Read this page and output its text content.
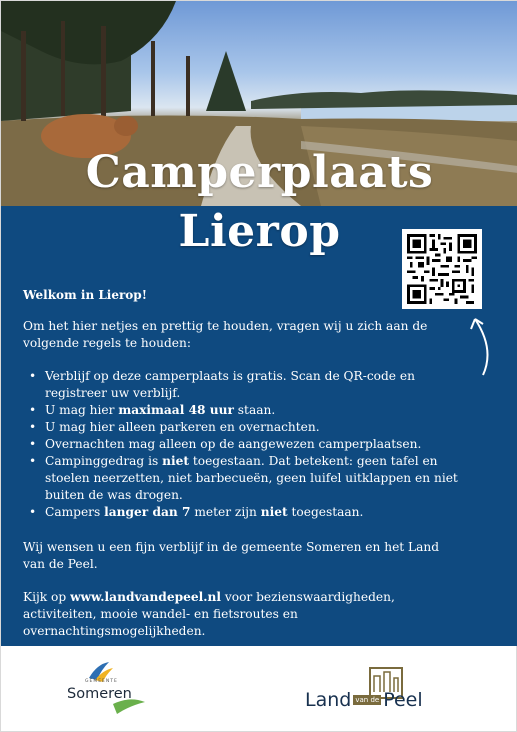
Camperplaats
Lierop
Welkom in Lierop!
Om het hier netjes en prettig te houden, vragen wij u zich aan de volgende regels te houden:
• Verblijf op deze camperplaats is gratis. Scan de QR-code en registreer uw verblijf.
• U mag hier maximaal 48 uur staan.
• U mag hier alleen parkeren en overnachten.
• Overnachten mag alleen op de aangewezen camperplaatsen.
• Campinggedrag is niet toegestaan. Dat betekent: geen tafel en stoelen neerzetten, niet barbecueën, geen luifel uitklappen en niet buiten de was drogen.
• Campers langer dan 7 meter zijn niet toegestaan.
Wij wensen u een fijn verblijf in de gemeente Someren en het Land van de Peel.
Kijk op www.landvandepeel.nl voor bezienswaardigheden, activiteiten, mooie wandel- en fietsroutes en overnachtingsmogelijkheden.
GEMEENTE
Someren	Land $^{van de}$ Peel
